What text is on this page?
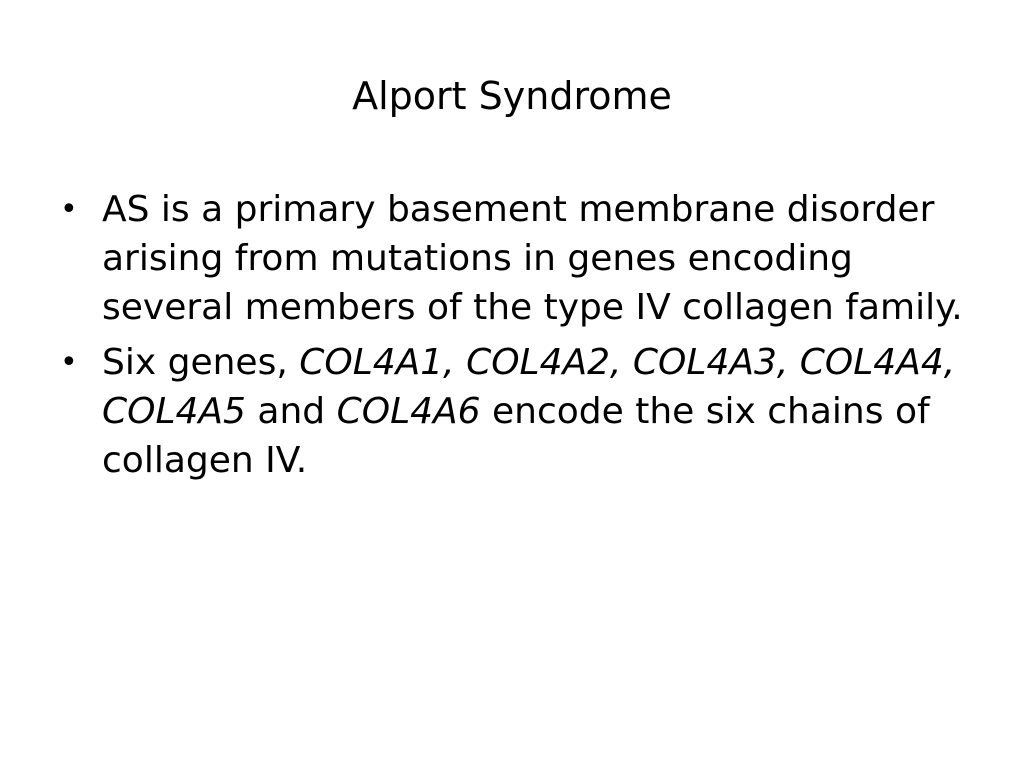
Alport Syndrome
• AS is a primary basement membrane disorder arising from mutations in genes encoding several members of the type IV collagen family.
• Six genes, COL4A1, COL4A2, COL4A3, COL4A4, COL4A5 and COL4A6 encode the six chains of collagen IV.
